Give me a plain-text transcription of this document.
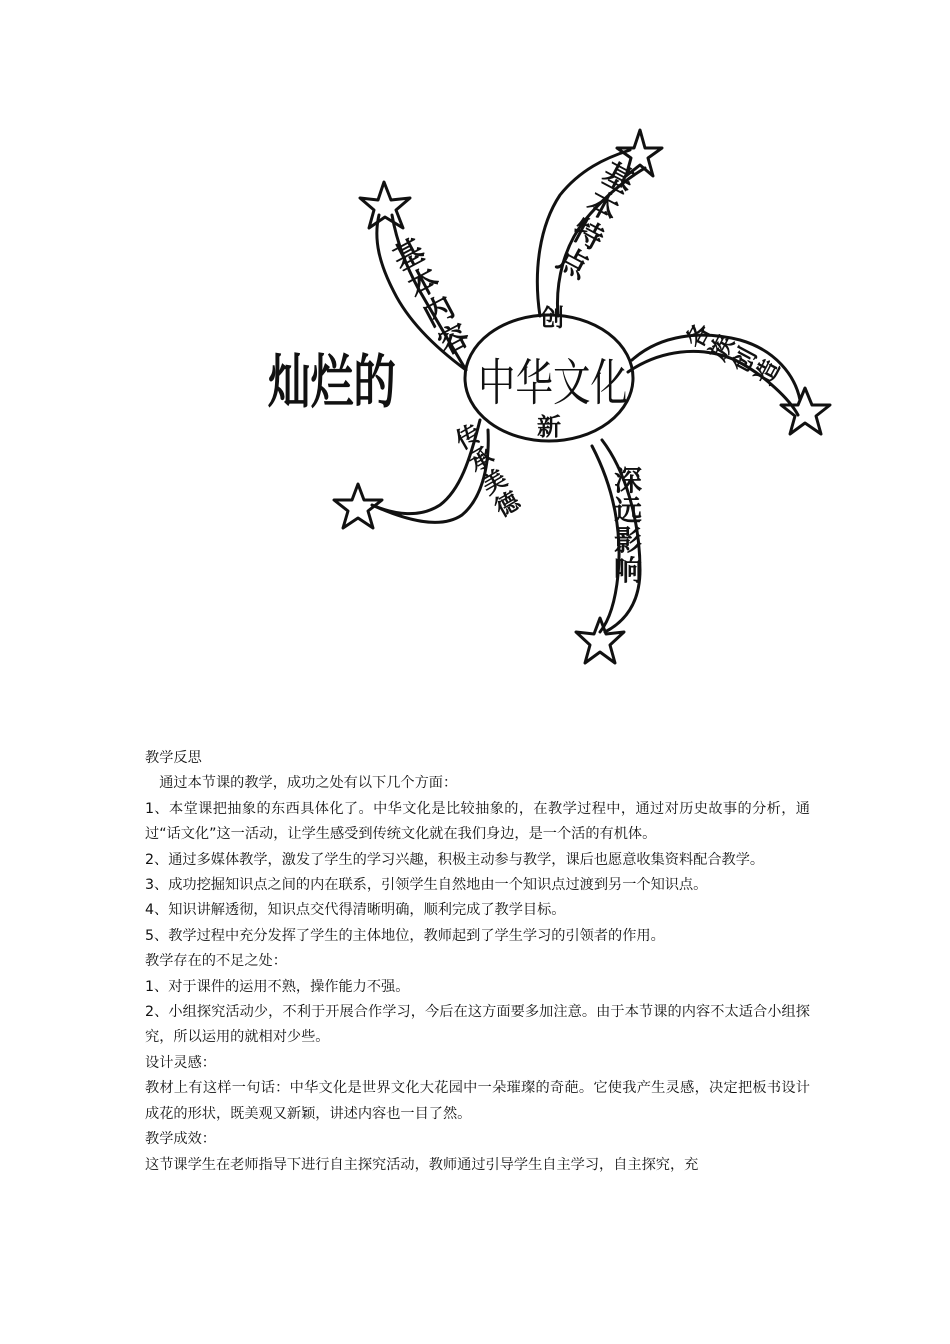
灿烂的 中华文化
创
新
基本内容
基本特点
各族创造
深远影响
传承美德

教学反思

通过本节课的教学，成功之处有以下几个方面：

1、本堂课把抽象的东西具体化了。中华文化是比较抽象的，在教学过程中，通过对历史故事的分析，通过“话文化”这一活动，让学生感受到传统文化就在我们身边，是一个活的有机体。

2、通过多媒体教学，激发了学生的学习兴趣，积极主动参与教学，课后也愿意收集资料配合教学。

3、成功挖掘知识点之间的内在联系，引领学生自然地由一个知识点过渡到另一个知识点。

4、知识讲解透彻，知识点交代得清晰明确，顺利完成了教学目标。

5、教学过程中充分发挥了学生的主体地位，教师起到了学生学习的引领者的作用。

教学存在的不足之处：

1、对于课件的运用不熟，操作能力不强。

2、小组探究活动少，不利于开展合作学习，今后在这方面要多加注意。由于本节课的内容不太适合小组探究，所以运用的就相对少些。

设计灵感：

教材上有这样一句话：中华文化是世界文化大花园中一朵璀璨的奇葩。它使我产生灵感，决定把板书设计成花的形状，既美观又新颖，讲述内容也一目了然。

教学成效：

这节课学生在老师指导下进行自主探究活动，教师通过引导学生自主学习，自主探究，充
